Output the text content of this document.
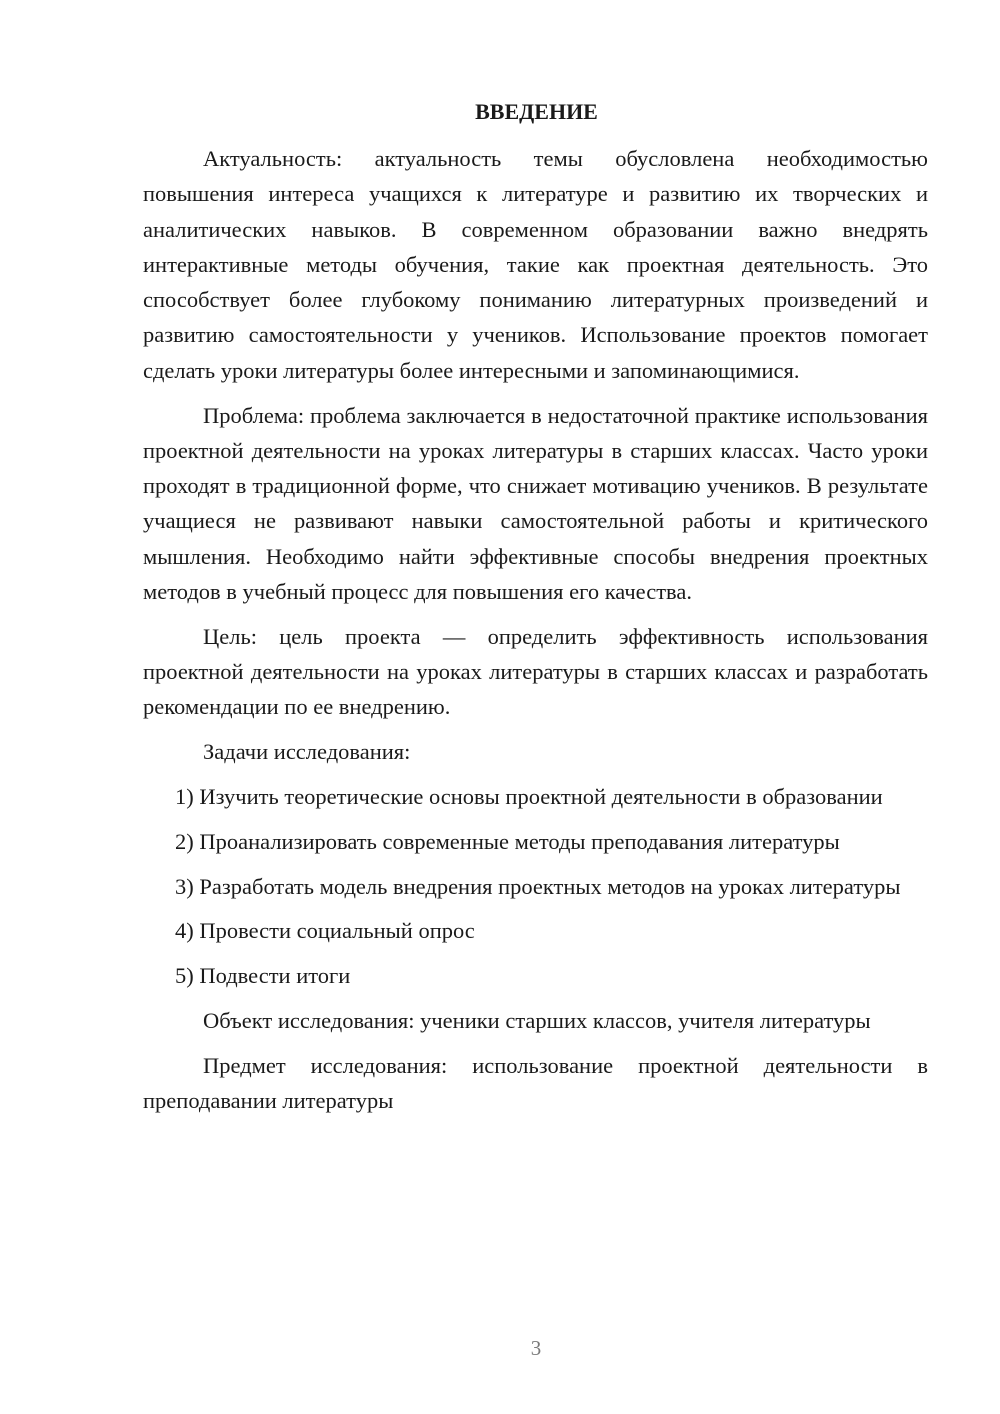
ВВЕДЕНИЕ

Актуальность: актуальность темы обусловлена необходимостью повышения интереса учащихся к литературе и развитию их творческих и аналитических навыков. В современном образовании важно внедрять интерактивные методы обучения, такие как проектная деятельность. Это способствует более глубокому пониманию литературных произведений и развитию самостоятельности у учеников. Использование проектов помогает сделать уроки литературы более интересными и запоминающимися.

Проблема: проблема заключается в недостаточной практике использования проектной деятельности на уроках литературы в старших классах. Часто уроки проходят в традиционной форме, что снижает мотивацию учеников. В результате учащиеся не развивают навыки самостоятельной работы и критического мышления. Необходимо найти эффективные способы внедрения проектных методов в учебный процесс для повышения его качества.

Цель: цель проекта — определить эффективность использования проектной деятельности на уроках литературы в старших классах и разработать рекомендации по ее внедрению.

Задачи исследования:

1) Изучить теоретические основы проектной деятельности в образовании

2) Проанализировать современные методы преподавания литературы

3) Разработать модель внедрения проектных методов на уроках литературы

4) Провести социальный опрос

5) Подвести итоги

Объект исследования: ученики старших классов, учителя литературы

Предмет исследования: использование проектной деятельности в преподавании литературы

3
